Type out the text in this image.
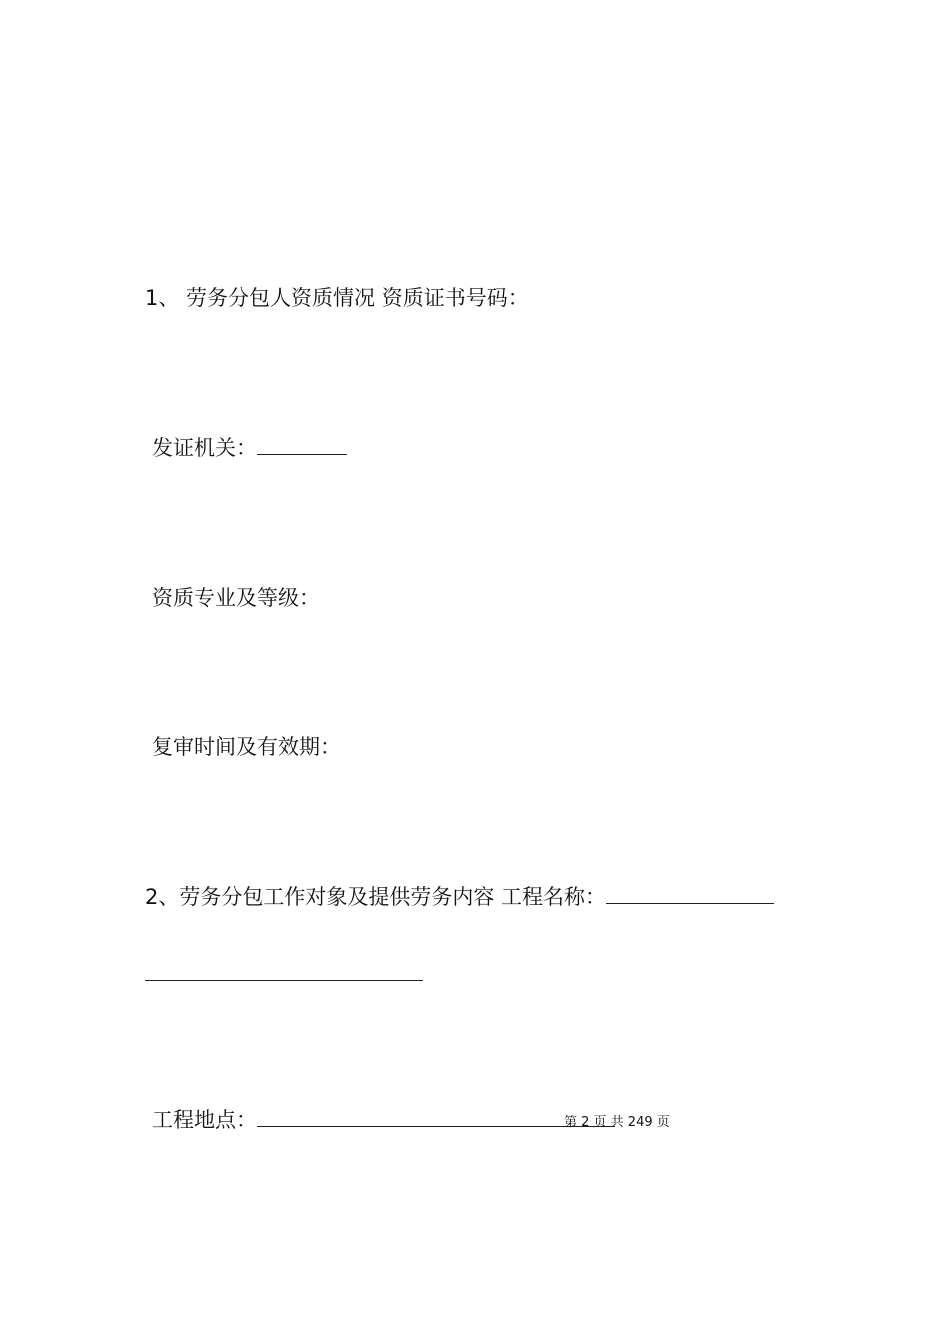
1、 劳务分包人资质情况 资质证书号码：
发证机关：
资质专业及等级：
复审时间及有效期：
2、劳务分包工作对象及提供劳务内容 工程名称：
工程地点：	第 2 页 共 249 页
